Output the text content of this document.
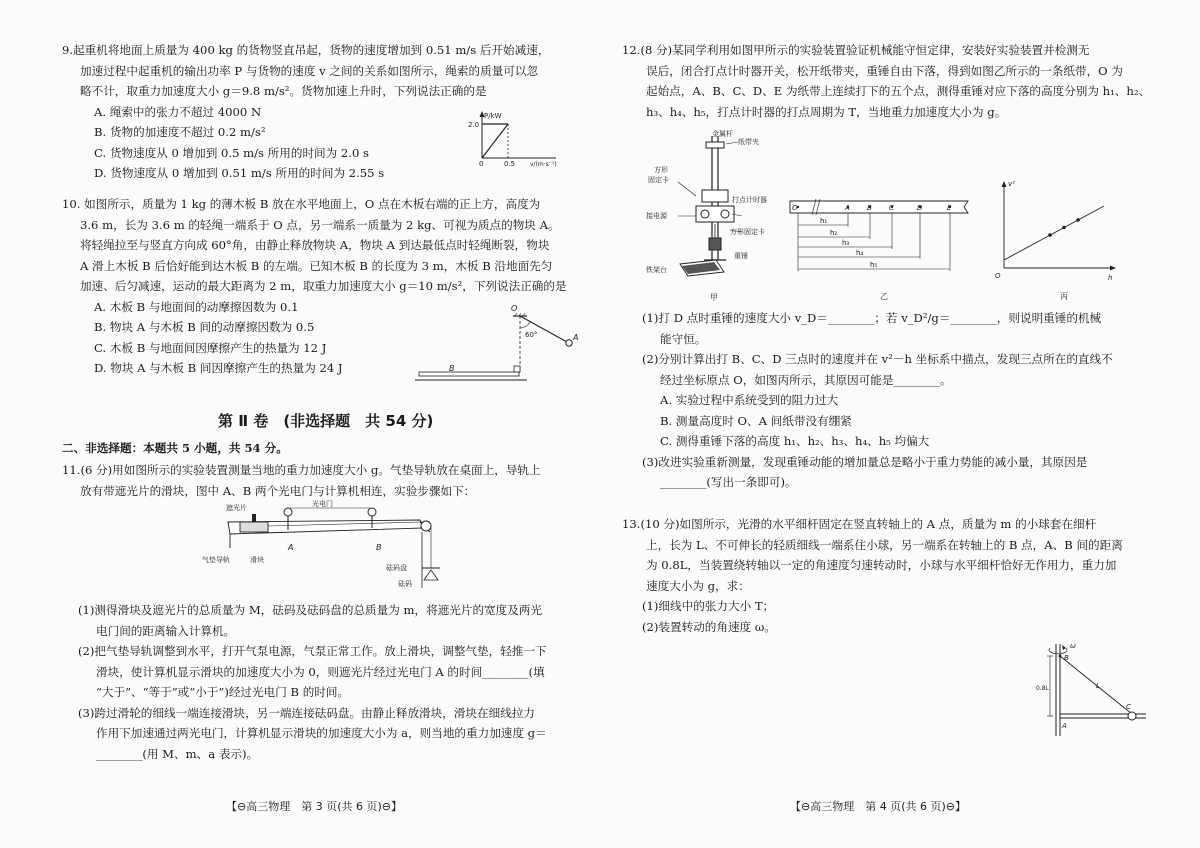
9.起重机将地面上质量为 400 kg 的货物竖直吊起，货物的速度增加到 0.51 m/s 后开始减速，
加速过程中起重机的输出功率 P 与货物的速度 v 之间的关系如图所示，绳索的质量可以忽
略不计，取重力加速度大小 g＝9.8 m/s²。货物加速上升时，下列说法正确的是
A. 绳索中的张力不超过 4000 N
B. 货物的加速度不超过 0.2 m/s²
C. 货物速度从 0 增加到 0.5 m/s 所用的时间为 2.0 s
D. 货物速度从 0 增加到 0.51 m/s 所用的时间为 2.55 s
P/kW
2.0
0	0.5 v/(m·s⁻¹)
10. 如图所示，质量为 1 kg 的薄木板 B 放在水平地面上，O 点在木板右端的正上方，高度为
3.6 m，长为 3.6 m 的轻绳一端系于 O 点，另一端系一质量为 2 kg、可视为质点的物块 A。
将轻绳拉至与竖直方向成 60°角，由静止释放物块 A，物块 A 到达最低点时轻绳断裂，物块
A 滑上木板 B 后恰好能到达木板 B 的左端。已知木板 B 的长度为 3 m，木板 B 沿地面先匀
加速、后匀减速，运动的最大距离为 2 m，取重力加速度大小 g＝10 m/s²，下列说法正确的是
A. 木板 B 与地面间的动摩擦因数为 0.1
B. 物块 A 与木板 B 间的动摩擦因数为 0.5
C. 木板 B 与地面间因摩擦产生的热量为 12 J
D. 物块 A 与木板 B 间因摩擦产生的热量为 24 J
O
60°	A
B
第 Ⅱ 卷　(非选择题　共 54 分)
二、非选择题：本题共 5 小题，共 54 分。
11.(6 分)用如图所示的实验装置测量当地的重力加速度大小 g。气垫导轨放在桌面上，导轨上
放有带遮光片的滑块，图中 A、B 两个光电门与计算机相连，实验步骤如下：
遮光片	光电门
气垫导轨	滑块
A	B
砝码盘
砝码
(1)测得滑块及遮光片的总质量为 M，砝码及砝码盘的总质量为 m，将遮光片的宽度及两光
电门间的距离输入计算机。
(2)把气垫导轨调整到水平，打开气泵电源，气泵正常工作。放上滑块，调整气垫，轻推一下
滑块，使计算机显示滑块的加速度大小为 0，则遮光片经过光电门 A 的时间________(填
“大于”、“等于”或“小于”)经过光电门 B 的时间。
(3)跨过滑轮的细线一端连接滑块，另一端连接砝码盘。由静止释放滑块，滑块在细线拉力
作用下加速通过两光电门，计算机显示滑块的加速度大小为 a，则当地的重力加速度 g＝
________(用 M、m、a 表示)。
【⊖高三物理　第 3 页(共 6 页)⊖】
12.(8 分)某同学利用如图甲所示的实验装置验证机械能守恒定律，安装好实验装置并检测无
误后，闭合打点计时器开关，松开纸带夹，重锤自由下落，得到如图乙所示的一条纸带，O 为
起始点，A、B、C、D、E 为纸带上连续打下的五个点，测得重锤对应下落的高度分别为 h₁、h₂、
h₃、h₄、h₅，打点计时器的打点周期为 T，当地重力加速度大小为 g。
金属杆
纸带夹
方形
固定卡
打点计时器
接电源
方形固定卡
重锤
铁架台
甲
O	A B C	D	E
h₁
h₂
h₃
h₄
h₅
乙
v²
h
O
丙
(1)打 D 点时重锤的速度大小 v_D＝________；若 v_D²/g＝________，则说明重锤的机械
能守恒。
(2)分别计算出打 B、C、D 三点时的速度并在 v²－h 坐标系中描点，发现三点所在的直线不
经过坐标原点 O，如图丙所示，其原因可能是________。
A. 实验过程中系统受到的阻力过大
B. 测量高度时 O、A 间纸带没有绷紧
C. 测得重锤下落的高度 h₁、h₂、h₃、h₄、h₅ 均偏大
(3)改进实验重新测量，发现重锤动能的增加量总是略小于重力势能的减小量，其原因是
________(写出一条即可)。
13.(10 分)如图所示，光滑的水平细杆固定在竖直转轴上的 A 点，质量为 m 的小球套在细杆
上，长为 L、不可伸长的轻质细线一端系住小球，另一端系在转轴上的 B 点，A、B 间的距离
为 0.8L，当装置绕转轴以一定的角速度匀速转动时，小球与水平细杆恰好无作用力，重力加
速度大小为 g，求：
(1)细线中的张力大小 T；
(2)装置转动的角速度 ω。
ω
B
L
0.8L
C
A
【⊖高三物理　第 4 页(共 6 页)⊖】
